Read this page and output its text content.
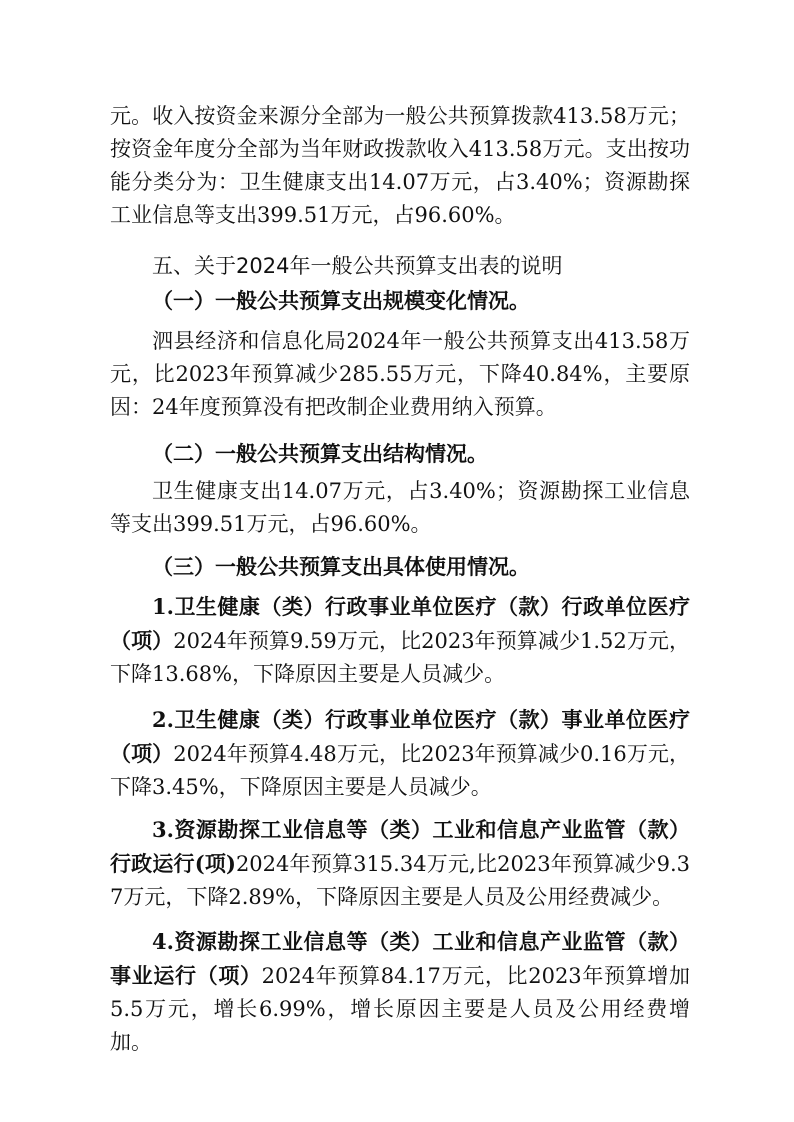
元。收入按资金来源分全部为一般公共预算拨款413.58万元；按资金年度分全部为当年财政拨款收入413.58万元。支出按功能分类分为：卫生健康支出14.07万元，占3.40%；资源勘探工业信息等支出399.51万元，占96.60%。

五、关于2024年一般公共预算支出表的说明

（一）一般公共预算支出规模变化情况。

泗县经济和信息化局2024年一般公共预算支出413.58万元，比2023年预算减少285.55万元，下降40.84%，主要原因：24年度预算没有把改制企业费用纳入预算。

（二）一般公共预算支出结构情况。

卫生健康支出14.07万元，占3.40%；资源勘探工业信息等支出399.51万元，占96.60%。

（三）一般公共预算支出具体使用情况。

1.卫生健康（类）行政事业单位医疗（款）行政单位医疗（项）2024年预算9.59万元，比2023年预算减少1.52万元，下降13.68%，下降原因主要是人员减少。

2.卫生健康（类）行政事业单位医疗（款）事业单位医疗（项）2024年预算4.48万元，比2023年预算减少0.16万元，下降3.45%，下降原因主要是人员减少。

3.资源勘探工业信息等（类）工业和信息产业监管（款）行政运行(项)2024年预算315.34万元,比2023年预算减少9.37万元，下降2.89%，下降原因主要是人员及公用经费减少。

4.资源勘探工业信息等（类）工业和信息产业监管（款）事业运行（项）2024年预算84.17万元，比2023年预算增加5.5万元，增长6.99%，增长原因主要是人员及公用经费增加。
